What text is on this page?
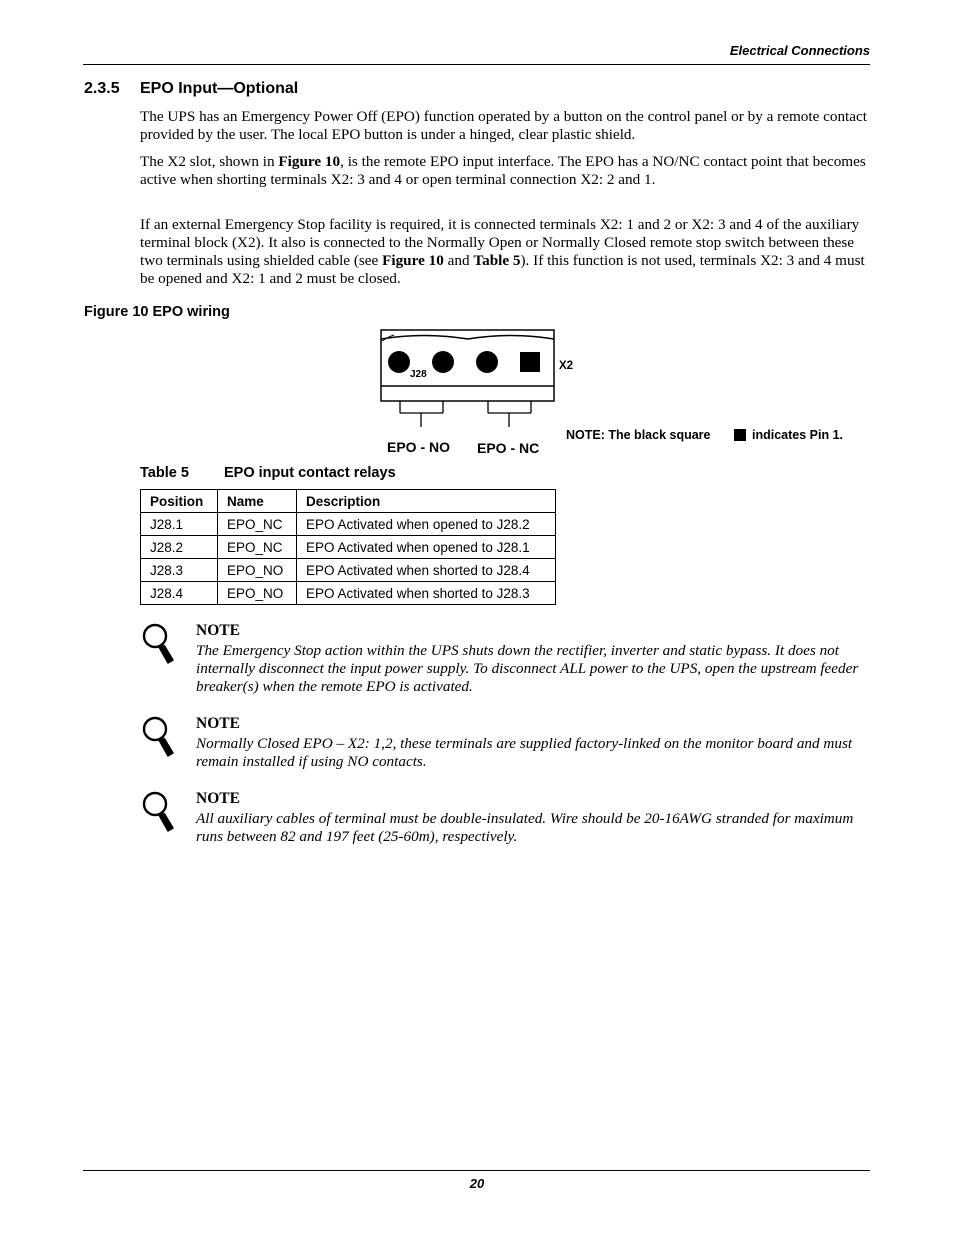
Electrical Connections
2.3.5 EPO Input—Optional

The UPS has an Emergency Power Off (EPO) function operated by a button on the control panel or by a remote contact provided by the user. The local EPO button is under a hinged, clear plastic shield.

The X2 slot, shown in Figure 10, is the remote EPO input interface. The EPO has a NO/NC contact point that becomes active when shorting terminals X2: 3 and 4 or open terminal connection X2: 2 and 1.

If an external Emergency Stop facility is required, it is connected terminals X2: 1 and 2 or X2: 3 and 4 of the auxiliary terminal block (X2). It also is connected to the Normally Open or Normally Closed remote stop switch between these two terminals using shielded cable (see Figure 10 and Table 5). If this function is not used, terminals X2: 3 and 4 must be opened and X2: 1 and 2 must be closed.

Figure 10 EPO wiring
J28
X2
EPO - NO EPO - NC
NOTE: The black square	indicates Pin 1.
Table 5 EPO input contact relays
Position	Name	Description
J28.1	EPO_NC	EPO Activated when opened to J28.2
J28.2	EPO_NC	EPO Activated when opened to J28.1
J28.3	EPO_NO	EPO Activated when shorted to J28.4
J28.4	EPO_NO	EPO Activated when shorted to J28.3
NOTE

The Emergency Stop action within the UPS shuts down the rectifier, inverter and static bypass. It does not internally disconnect the input power supply. To disconnect ALL power to the UPS, open the upstream feeder breaker(s) when the remote EPO is activated.

NOTE

Normally Closed EPO – X2: 1,2, these terminals are supplied factory-linked on the monitor board and must remain installed if using NO contacts.

NOTE

All auxiliary cables of terminal must be double-insulated. Wire should be 20-16AWG stranded for maximum runs between 82 and 197 feet (25-60m), respectively.

20
